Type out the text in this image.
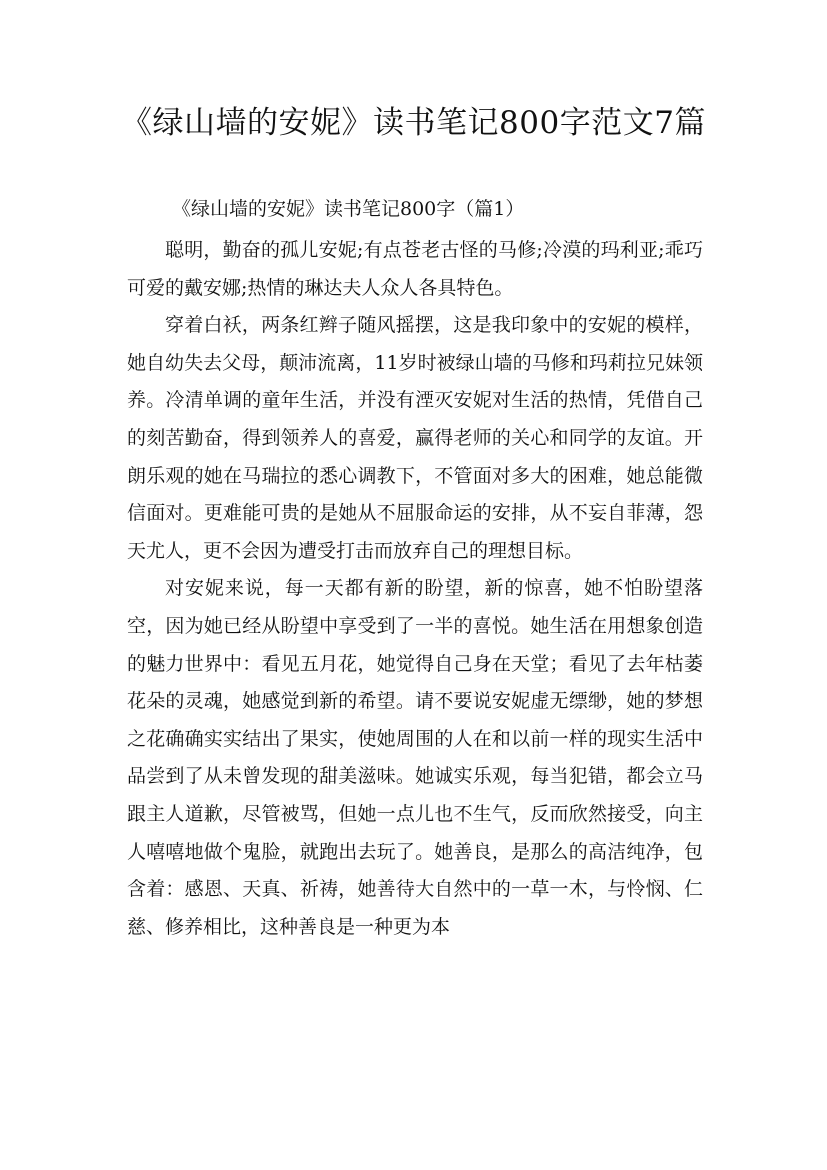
《绿山墙的安妮》读书笔记800字范文7篇
《绿山墙的安妮》读书笔记800字（篇1）

聪明，勤奋的孤儿安妮;有点苍老古怪的马修;冷漠的玛利亚;乖巧可爱的戴安娜;热情的琳达夫人众人各具特色。

穿着白袄，两条红辫子随风摇摆，这是我印象中的安妮的模样，她自幼失去父母，颠沛流离，11岁时被绿山墙的马修和玛莉拉兄妹领养。冷清单调的童年生活，并没有湮灭安妮对生活的热情，凭借自己的刻苦勤奋，得到领养人的喜爱，赢得老师的关心和同学的友谊。开朗乐观的她在马瑞拉的悉心调教下，不管面对多大的困难，她总能微信面对。更难能可贵的是她从不屈服命运的安排，从不妄自菲薄，怨天尤人，更不会因为遭受打击而放弃自己的理想目标。

对安妮来说，每一天都有新的盼望，新的惊喜，她不怕盼望落空，因为她已经从盼望中享受到了一半的喜悦。她生活在用想象创造的魅力世界中：看见五月花，她觉得自己身在天堂；看见了去年枯萎花朵的灵魂，她感觉到新的希望。请不要说安妮虚无缥缈，她的梦想之花确确实实结出了果实，使她周围的人在和以前一样的现实生活中品尝到了从未曾发现的甜美滋味。她诚实乐观，每当犯错，都会立马跟主人道歉，尽管被骂，但她一点儿也不生气，反而欣然接受，向主人嘻嘻地做个鬼脸，就跑出去玩了。她善良，是那么的高洁纯净，包含着：感恩、天真、祈祷，她善待大自然中的一草一木，与怜悯、仁慈、修养相比，这种善良是一种更为本
